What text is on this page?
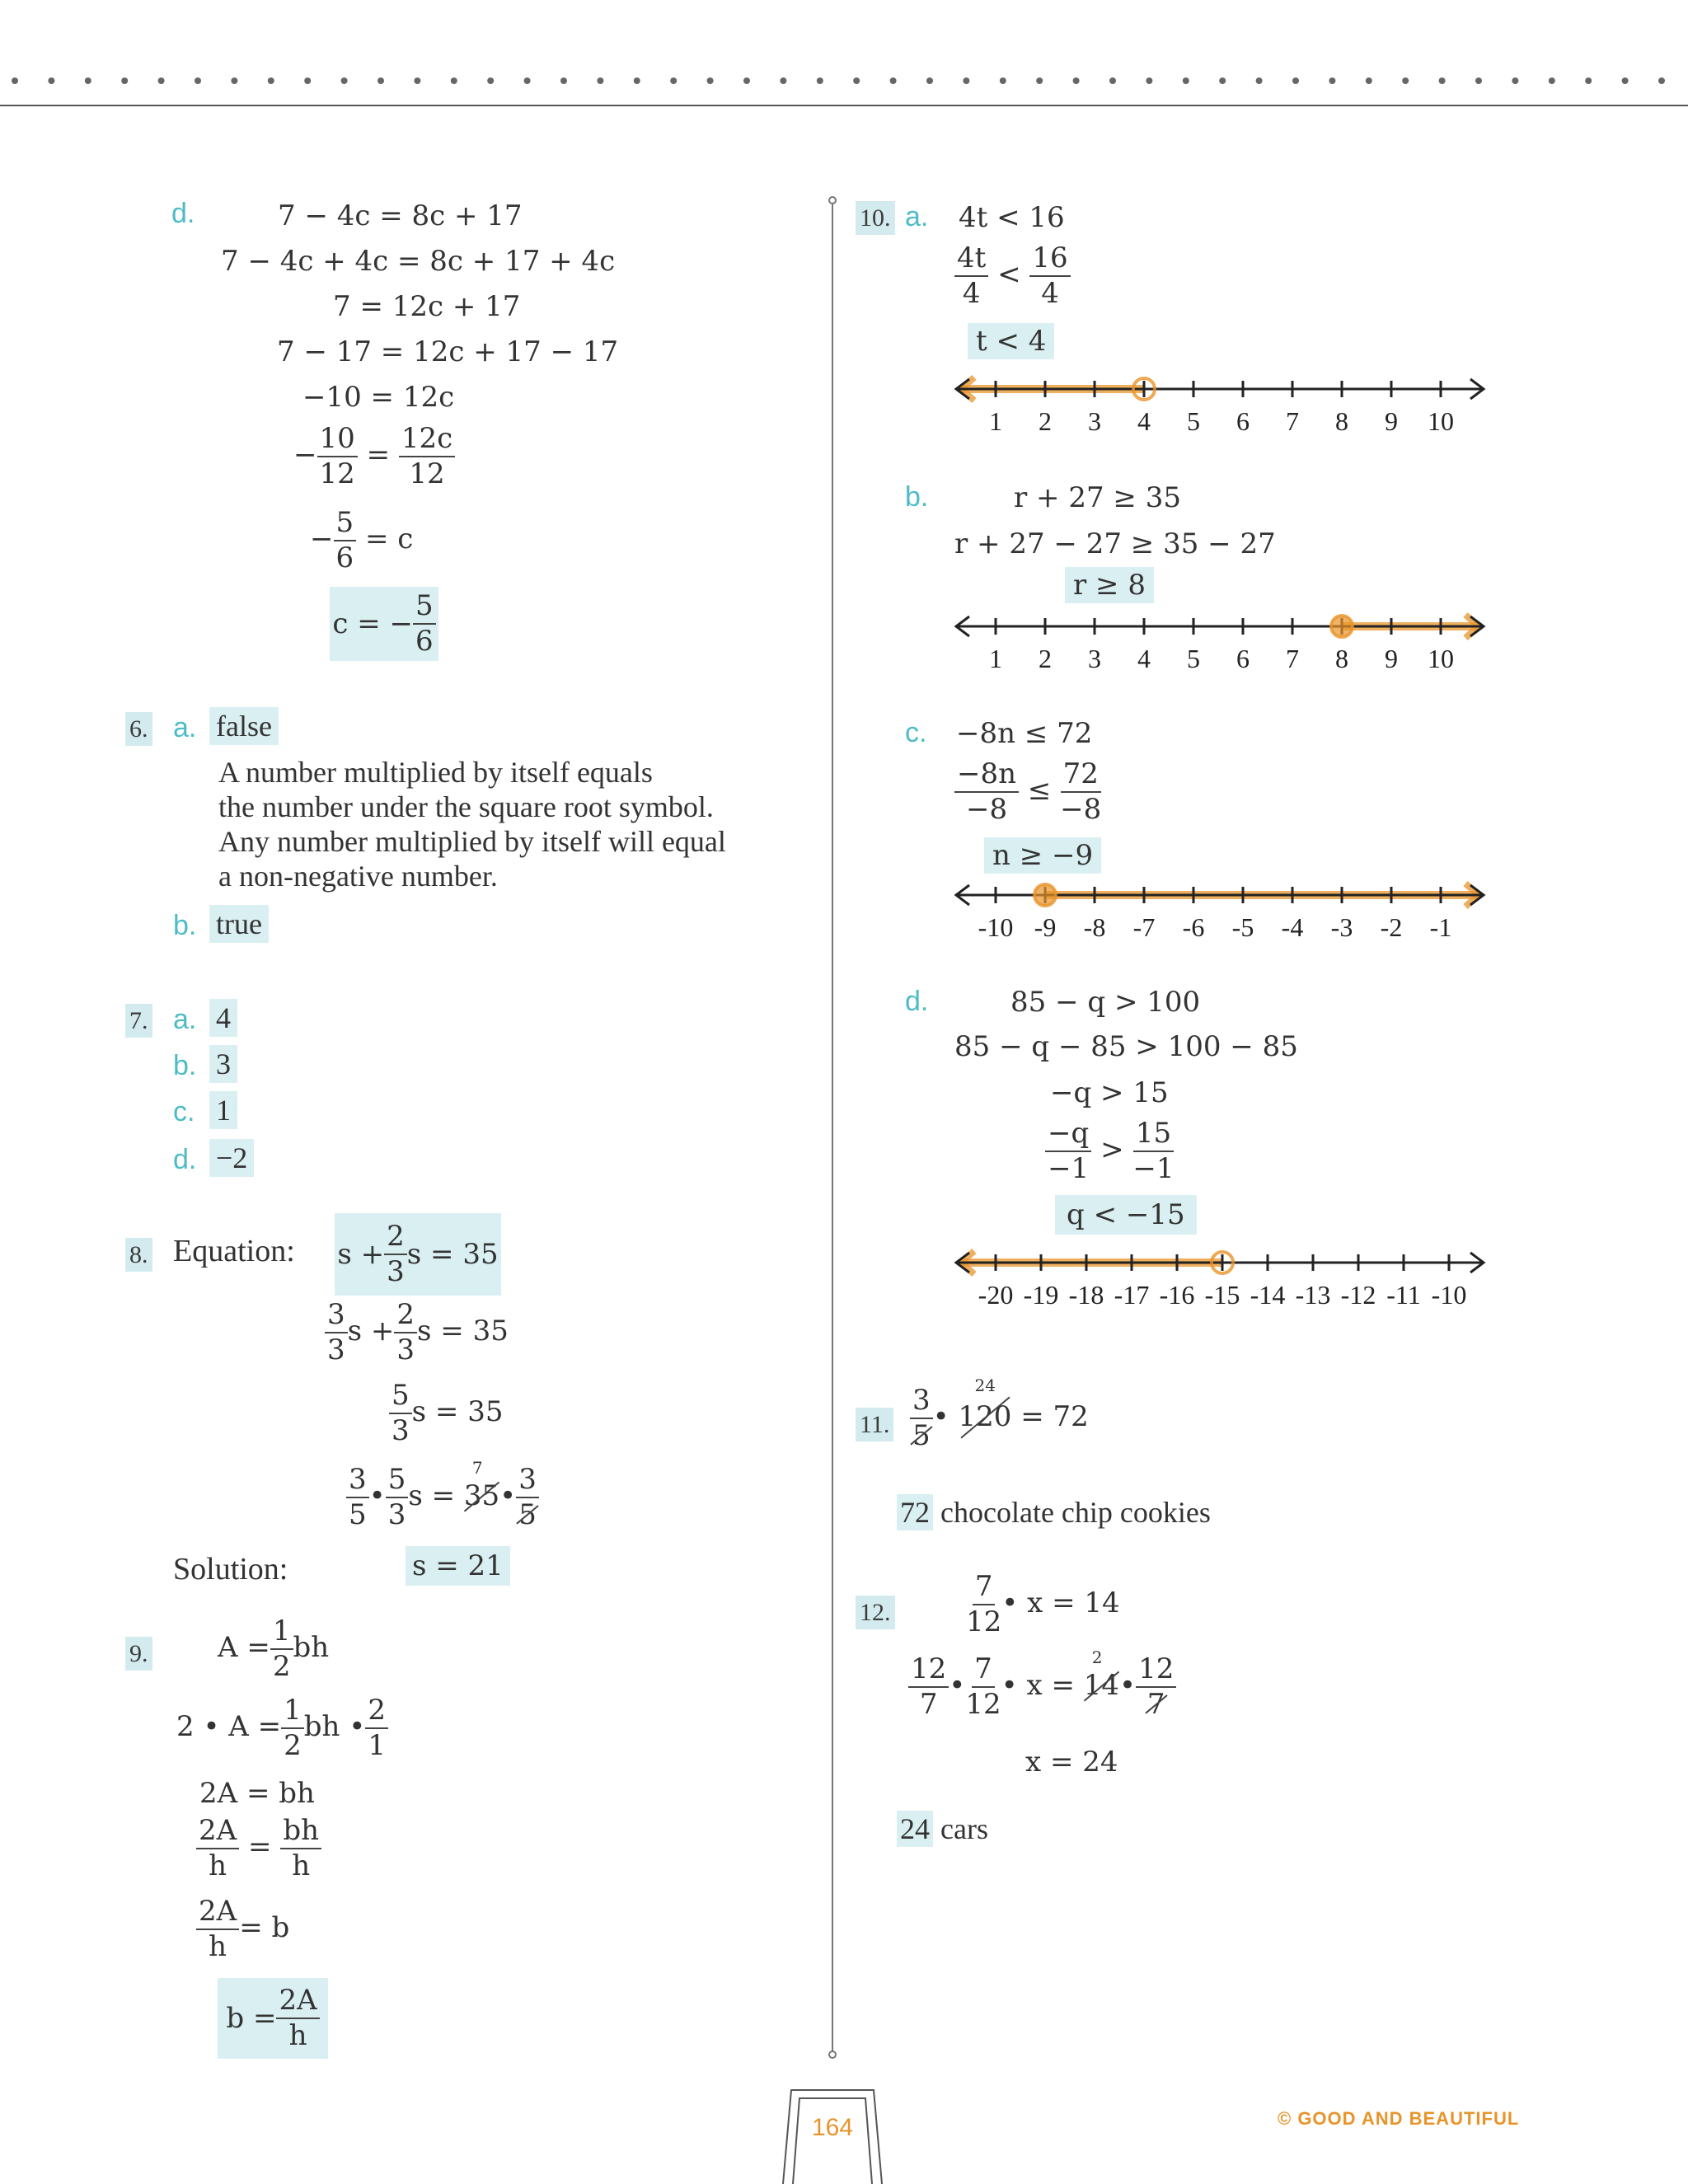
d.	7 − 4c = 8c + 17
7 − 4c + 4c = 8c + 17 + 4c
7 = 12c + 17
7 − 17 = 12c + 17 − 17
−10 = 12c
− $\frac{10}{12} = \frac{12c}{12}$
− $\frac{5}{6} = c$
c = − $\frac{5}{6}$
6. a. false
A number multiplied by itself equals
the number under the square root symbol.
Any number multiplied by itself will equal
a non-negative number.
b. true
7. a. 4
b. 3
c. 1
d. −2
8. Equation: $s + \frac{2}{3}$ s = 35
$\frac{3}{3}$ $s + \frac{2}{3}$ s = 35
$\frac{5}{3}$ s = 35
$\frac{3}{5}$ • $\frac{5}{3}$ s = 35
7
• $\frac{3}{5}$
Solution:	s = 21
9. $A = \frac{1}{2}$ bh
2 • $A = \frac{1}{2}$ bh • $\frac{2}{1}$
2A = bh
$\frac{2A}{h} = \frac{bh}{h}$
$\frac{2A}{h} = b$
$b = \frac{2A}{h}$
10. a. 4t < 16
$\frac{4t}{4} < \frac{16}{4}$
t < 4
1 2 3 4 5 6 7 8 9 10
b.	r + 27 ≥ 35
r + 27 − 27 ≥ 35 − 27
r ≥ 8
1 2 3 4 5 6 7 8 9 10
c. −8n ≤ 72
$\frac{-8n}{-8} \le \frac{72}{-8}$
n ≥ −9
-10 -9 -8 -7 -6 -5 -4 -3 -2 -1
d.	85 − q > 100
85 − q − 85 > 100 − 85
−q > 15
$\frac{-q}{-1} > \frac{15}{-1}$
q < −15
-20 -19 -18 -17 -16 -15 -14 -13 -12 -11 -10
11. $\frac{3}{5}$ • 120
24
= 72
72 chocolate chip cookies
12.	$\frac{7}{12}$ • x = 14
$\frac{12}{7}$ • $\frac{7}{12}$ • x = 14
2
• $\frac{12}{7}$
x = 24
24 cars
164	© GOOD AND BEAUTIFUL
